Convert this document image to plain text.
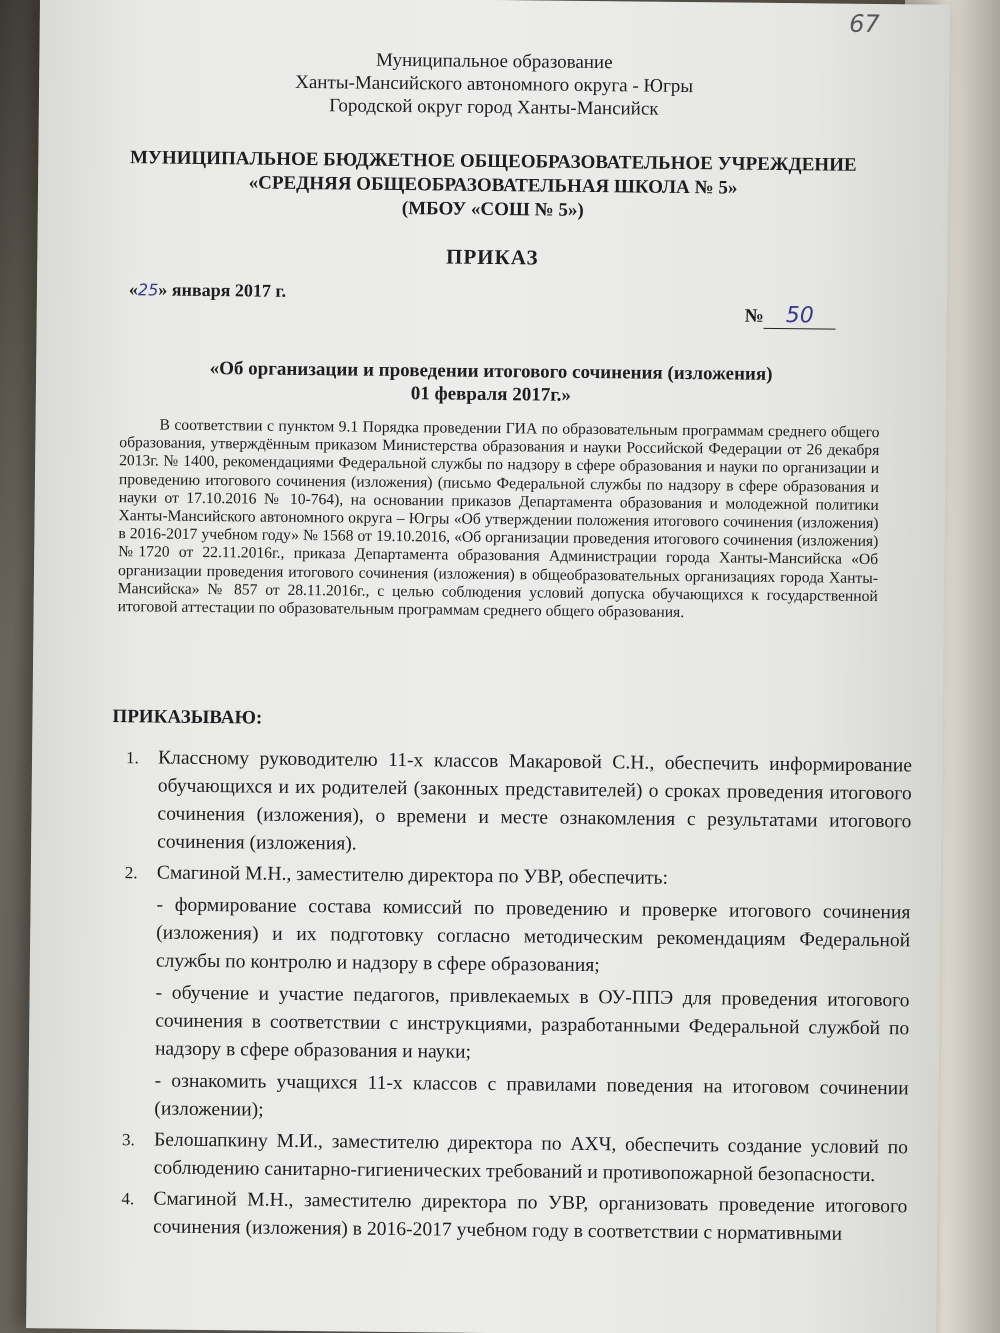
67
Муниципальное образование
Ханты-Мансийского автономного округа - Югры
Городской округ город Ханты-Мансийск
МУНИЦИПАЛЬНОЕ БЮДЖЕТНОЕ ОБЩЕОБРАЗОВАТЕЛЬНОЕ УЧРЕЖДЕНИЕ
«СРЕДНЯЯ ОБЩЕОБРАЗОВАТЕЛЬНАЯ ШКОЛА № 5»
(МБОУ «СОШ № 5»)
ПРИКАЗ
«25» января 2017 г.
№ 50
«Об организации и проведении итогового сочинения (изложения)
01 февраля 2017г.»
В соответствии с пунктом 9.1 Порядка проведении ГИА по образовательным программам среднего общего образования, утверждённым приказом Министерства образования и науки Российской Федерации от 26 декабря 2013г. № 1400, рекомендациями Федеральной службы по надзору в сфере образования и науки по организации и проведению итогового сочинения (изложения) (письмо Федеральной службы по надзору в сфере образования и науки от 17.10.2016 № 10-764), на основании приказов Департамента образования и молодежной политики Ханты-Мансийского автономного округа – Югры «Об утверждении положения итогового сочинения (изложения) в 2016-2017 учебном году» № 1568 от 19.10.2016, «Об организации проведения итогового сочинения (изложения) №1720 от 22.11.2016г., приказа Департамента образования Администрации города Ханты-Мансийска «Об организации проведения итогового сочинения (изложения) в общеобразовательных организациях города Ханты-Мансийска» № 857 от 28.11.2016г., с целью соблюдения условий допуска обучающихся к государственной итоговой аттестации по образовательным программам среднего общего образования.
ПРИКАЗЫВАЮ:
1. Классному руководителю 11-х классов Макаровой С.Н., обеспечить информирование обучающихся и их родителей (законных представителей) о сроках проведения итогового сочинения (изложения), о времени и месте ознакомления с результатами итогового сочинения (изложения).
2. Смагиной М.Н., заместителю директора по УВР, обеспечить:
- формирование состава комиссий по проведению и проверке итогового сочинения (изложения) и их подготовку согласно методическим рекомендациям Федеральной службы по контролю и надзору в сфере образования;
- обучение и участие педагогов, привлекаемых в ОУ-ППЭ для проведения итогового сочинения в соответствии с инструкциями, разработанными Федеральной службой по надзору в сфере образования и науки;
- ознакомить учащихся 11-х классов с правилами поведения на итоговом сочинении (изложении);
3. Белошапкину М.И., заместителю директора по АХЧ, обеспечить создание условий по соблюдению санитарно-гигиенических требований и противопожарной безопасности.
4. Смагиной М.Н., заместителю директора по УВР, организовать проведение итогового сочинения (изложения) в 2016-2017 учебном году в соответствии с нормативными
